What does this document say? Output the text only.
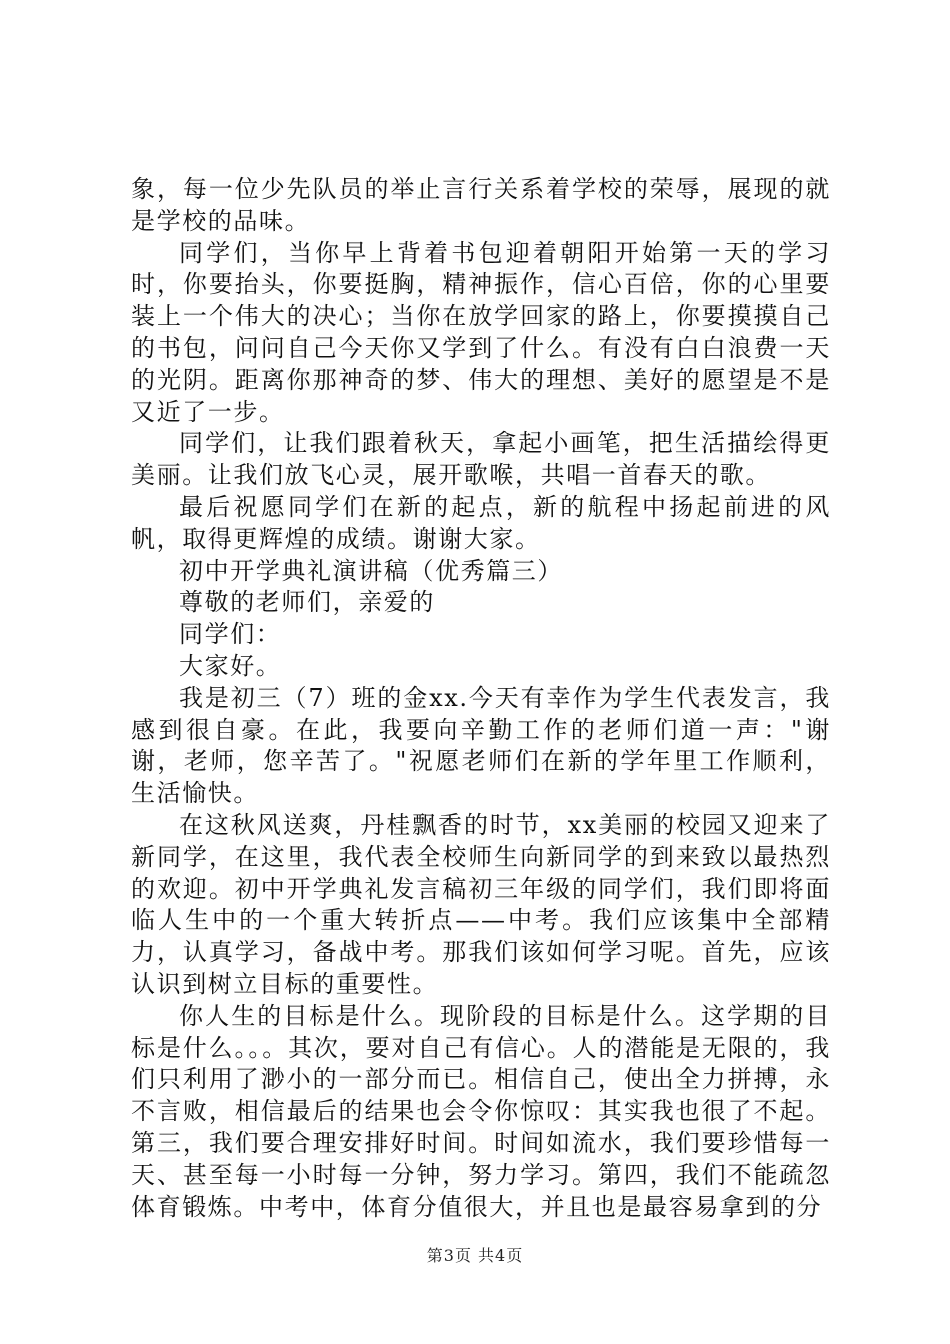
象，每一位少先队员的举止言行关系着学校的荣辱，展现的就是学校的品味。

同学们，当你早上背着书包迎着朝阳开始第一天的学习时，你要抬头，你要挺胸，精神振作，信心百倍，你的心里要装上一个伟大的决心；当你在放学回家的路上，你要摸摸自己的书包，问问自己今天你又学到了什么。有没有白白浪费一天的光阴。距离你那神奇的梦、伟大的理想、美好的愿望是不是又近了一步。

同学们，让我们跟着秋天，拿起小画笔，把生活描绘得更美丽。让我们放飞心灵，展开歌喉，共唱一首春天的歌。

最后祝愿同学们在新的起点，新的航程中扬起前进的风帆，取得更辉煌的成绩。谢谢大家。

初中开学典礼演讲稿（优秀篇三）

尊敬的老师们，亲爱的

同学们：

大家好。

我是初三（7）班的金xx.今天有幸作为学生代表发言，我感到很自豪。在此，我要向辛勤工作的老师们道一声："谢谢，老师，您辛苦了。"祝愿老师们在新的学年里工作顺利，生活愉快。

在这秋风送爽，丹桂飘香的时节，xx美丽的校园又迎来了新同学，在这里，我代表全校师生向新同学的到来致以最热烈的欢迎。初中开学典礼发言稿初三年级的同学们，我们即将面临人生中的一个重大转折点——中考。我们应该集中全部精力，认真学习，备战中考。那我们该如何学习呢。首先，应该认识到树立目标的重要性。

你人生的目标是什么。现阶段的目标是什么。这学期的目标是什么。。。其次，要对自己有信心。人的潜能是无限的，我们只利用了渺小的一部分而已。相信自己，使出全力拼搏，永不言败，相信最后的结果也会令你惊叹：其实我也很了不起。第三，我们要合理安排好时间。时间如流水，我们要珍惜每一天、甚至每一小时每一分钟，努力学习。第四，我们不能疏忽体育锻炼。中考中，体育分值很大，并且也是最容易拿到的分

第3页 共4页
